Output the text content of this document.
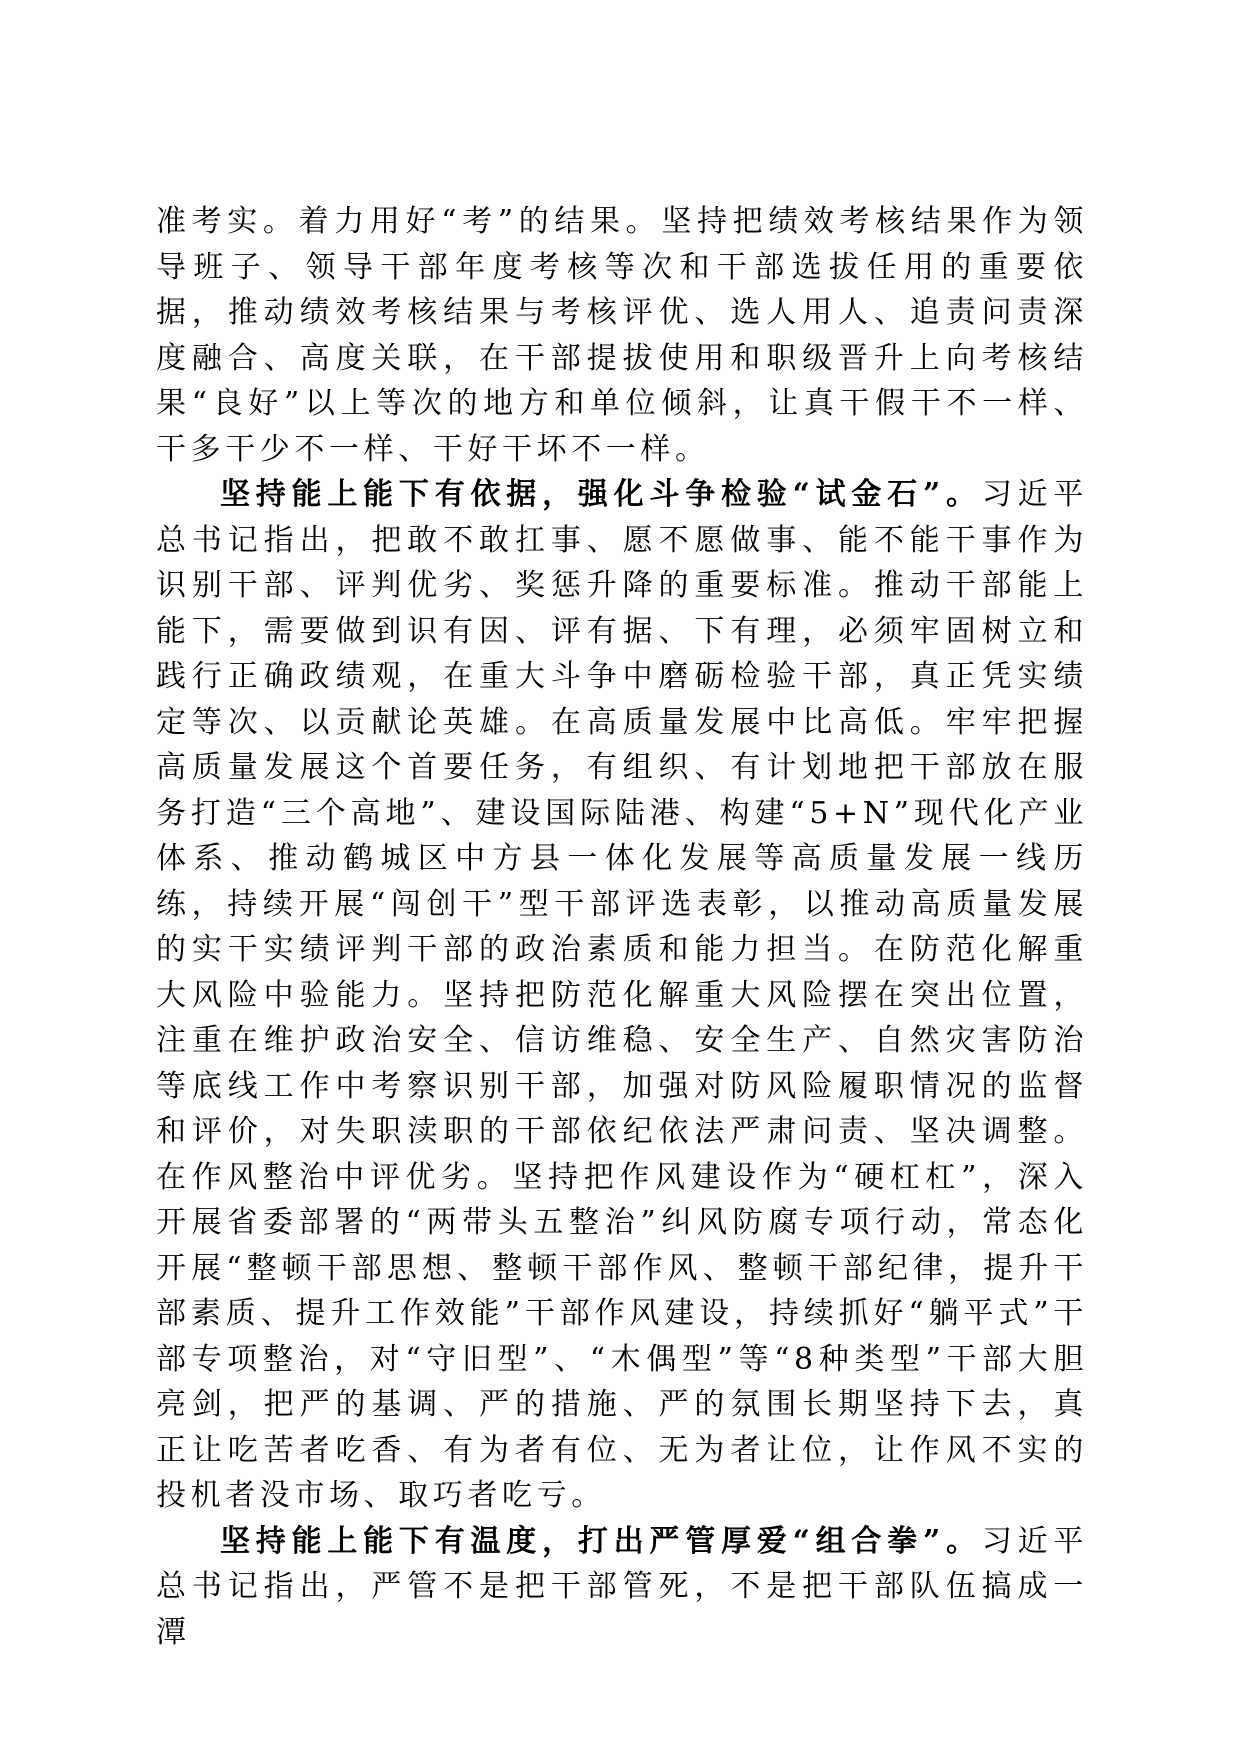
准考实。着力用好“考”的结果。坚持把绩效考核结果作为领导班子、领导干部年度考核等次和干部选拔任用的重要依据，推动绩效考核结果与考核评优、选人用人、追责问责深度融合、高度关联，在干部提拔使用和职级晋升上向考核结果“良好”以上等次的地方和单位倾斜，让真干假干不一样、干多干少不一样、干好干坏不一样。

坚持能上能下有依据，强化斗争检验“试金石”。习近平总书记指出，把敢不敢扛事、愿不愿做事、能不能干事作为识别干部、评判优劣、奖惩升降的重要标准。推动干部能上能下，需要做到识有因、评有据、下有理，必须牢固树立和践行正确政绩观，在重大斗争中磨砺检验干部，真正凭实绩定等次、以贡献论英雄。在高质量发展中比高低。牢牢把握高质量发展这个首要任务，有组织、有计划地把干部放在服务打造“三个高地”、建设国际陆港、构建“5+N”现代化产业体系、推动鹤城区中方县一体化发展等高质量发展一线历练，持续开展“闯创干”型干部评选表彰，以推动高质量发展的实干实绩评判干部的政治素质和能力担当。在防范化解重大风险中验能力。坚持把防范化解重大风险摆在突出位置，注重在维护政治安全、信访维稳、安全生产、自然灾害防治等底线工作中考察识别干部，加强对防风险履职情况的监督和评价，对失职渎职的干部依纪依法严肃问责、坚决调整。在作风整治中评优劣。坚持把作风建设作为“硬杠杠”，深入开展省委部署的“两带头五整治”纠风防腐专项行动，常态化开展“整顿干部思想、整顿干部作风、整顿干部纪律，提升干部素质、提升工作效能”干部作风建设，持续抓好“躺平式”干部专项整治，对“守旧型”、“木偶型”等“8种类型”干部大胆亮剑，把严的基调、严的措施、严的氛围长期坚持下去，真正让吃苦者吃香、有为者有位、无为者让位，让作风不实的投机者没市场、取巧者吃亏。

坚持能上能下有温度，打出严管厚爱“组合拳”。习近平总书记指出，严管不是把干部管死，不是把干部队伍搞成一潭
